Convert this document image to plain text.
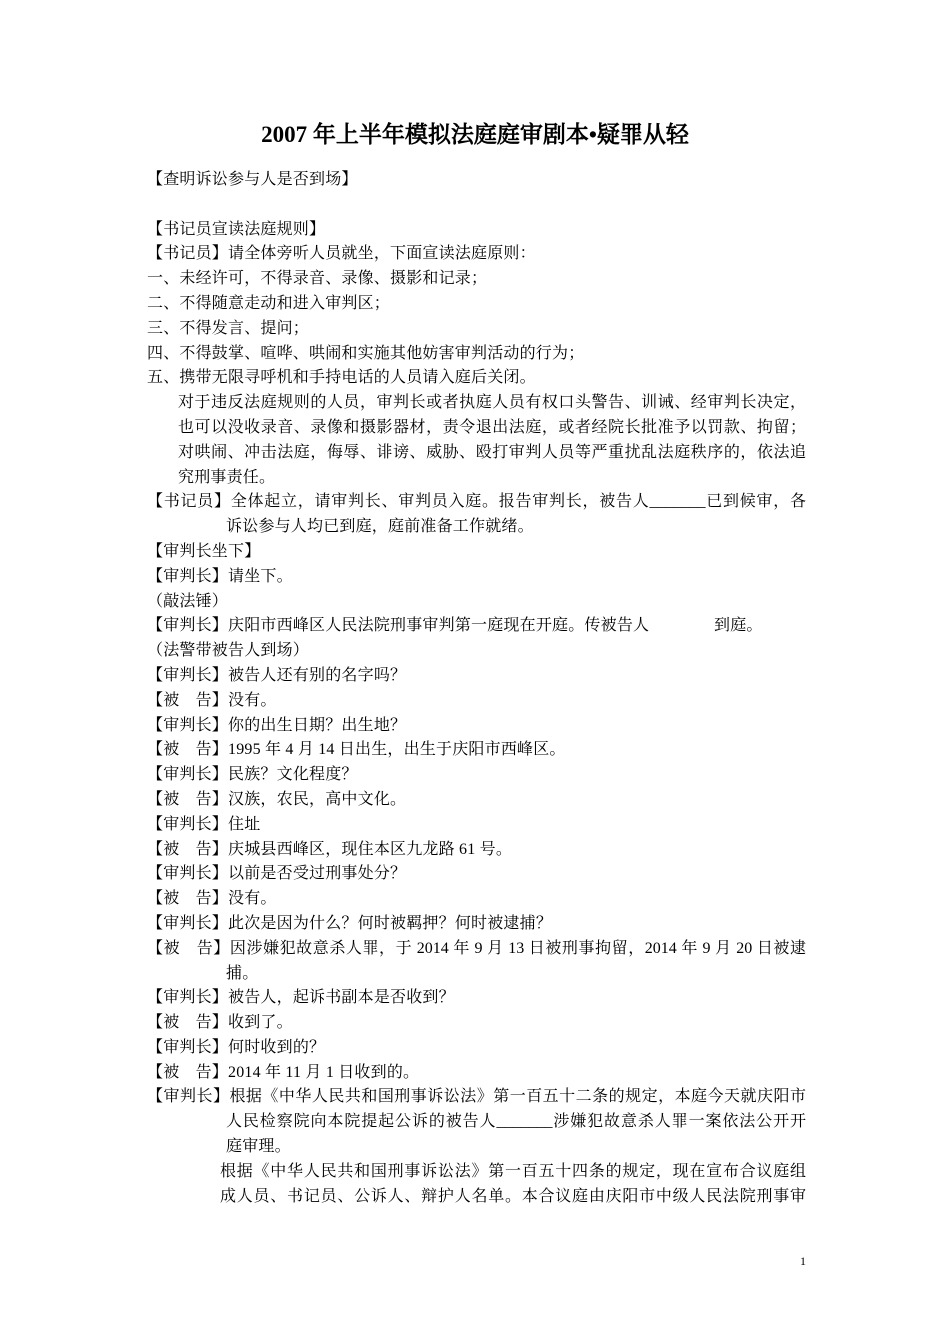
2007 年上半年模拟法庭庭审剧本•疑罪从轻
【查明诉讼参与人是否到场】
【书记员宣读法庭规则】
【书记员】请全体旁听人员就坐，下面宣读法庭原则：
一、未经许可，不得录音、录像、摄影和记录；
二、不得随意走动和进入审判区；
三、不得发言、提问；
四、不得鼓掌、喧哗、哄闹和实施其他妨害审判活动的行为；
五、携带无限寻呼机和手持电话的人员请入庭后关闭。
对于违反法庭规则的人员，审判长或者执庭人员有权口头警告、训诫、经审判长决定，
也可以没收录音、录像和摄影器材，责令退出法庭，或者经院长批准予以罚款、拘留；
对哄闹、冲击法庭，侮辱、诽谤、威胁、殴打审判人员等严重扰乱法庭秩序的，依法追
究刑事责任。
【书记员】全体起立，请审判长、审判员入庭。报告审判长，被告人_______已到候审，各
诉讼参与人均已到庭，庭前准备工作就绪。
【审判长坐下】
【审判长】请坐下。
（敲法锤）
【审判长】庆阳市西峰区人民法院刑事审判第一庭现在开庭。传被告人　　　　到庭。
（法警带被告人到场）
【审判长】被告人还有别的名字吗？
【被　告】没有。
【审判长】你的出生日期？出生地？
【被　告】1995 年 4 月 14 日出生，出生于庆阳市西峰区。
【审判长】民族？文化程度？
【被　告】汉族，农民，高中文化。
【审判长】住址
【被　告】庆城县西峰区，现住本区九龙路 61 号。
【审判长】以前是否受过刑事处分？
【被　告】没有。
【审判长】此次是因为什么？何时被羁押？何时被逮捕？
【被　告】因涉嫌犯故意杀人罪，于 2014 年 9 月 13 日被刑事拘留，2014 年 9 月 20 日被逮
捕。
【审判长】被告人，起诉书副本是否收到？
【被　告】收到了。
【审判长】何时收到的？
【被　告】2014 年 11 月 1 日收到的。
【审判长】根据《中华人民共和国刑事诉讼法》第一百五十二条的规定，本庭今天就庆阳市
人民检察院向本院提起公诉的被告人_______涉嫌犯故意杀人罪一案依法公开开
庭审理。
根据《中华人民共和国刑事诉讼法》第一百五十四条的规定，现在宣布合议庭组
成人员、书记员、公诉人、辩护人名单。本合议庭由庆阳市中级人民法院刑事审
1
